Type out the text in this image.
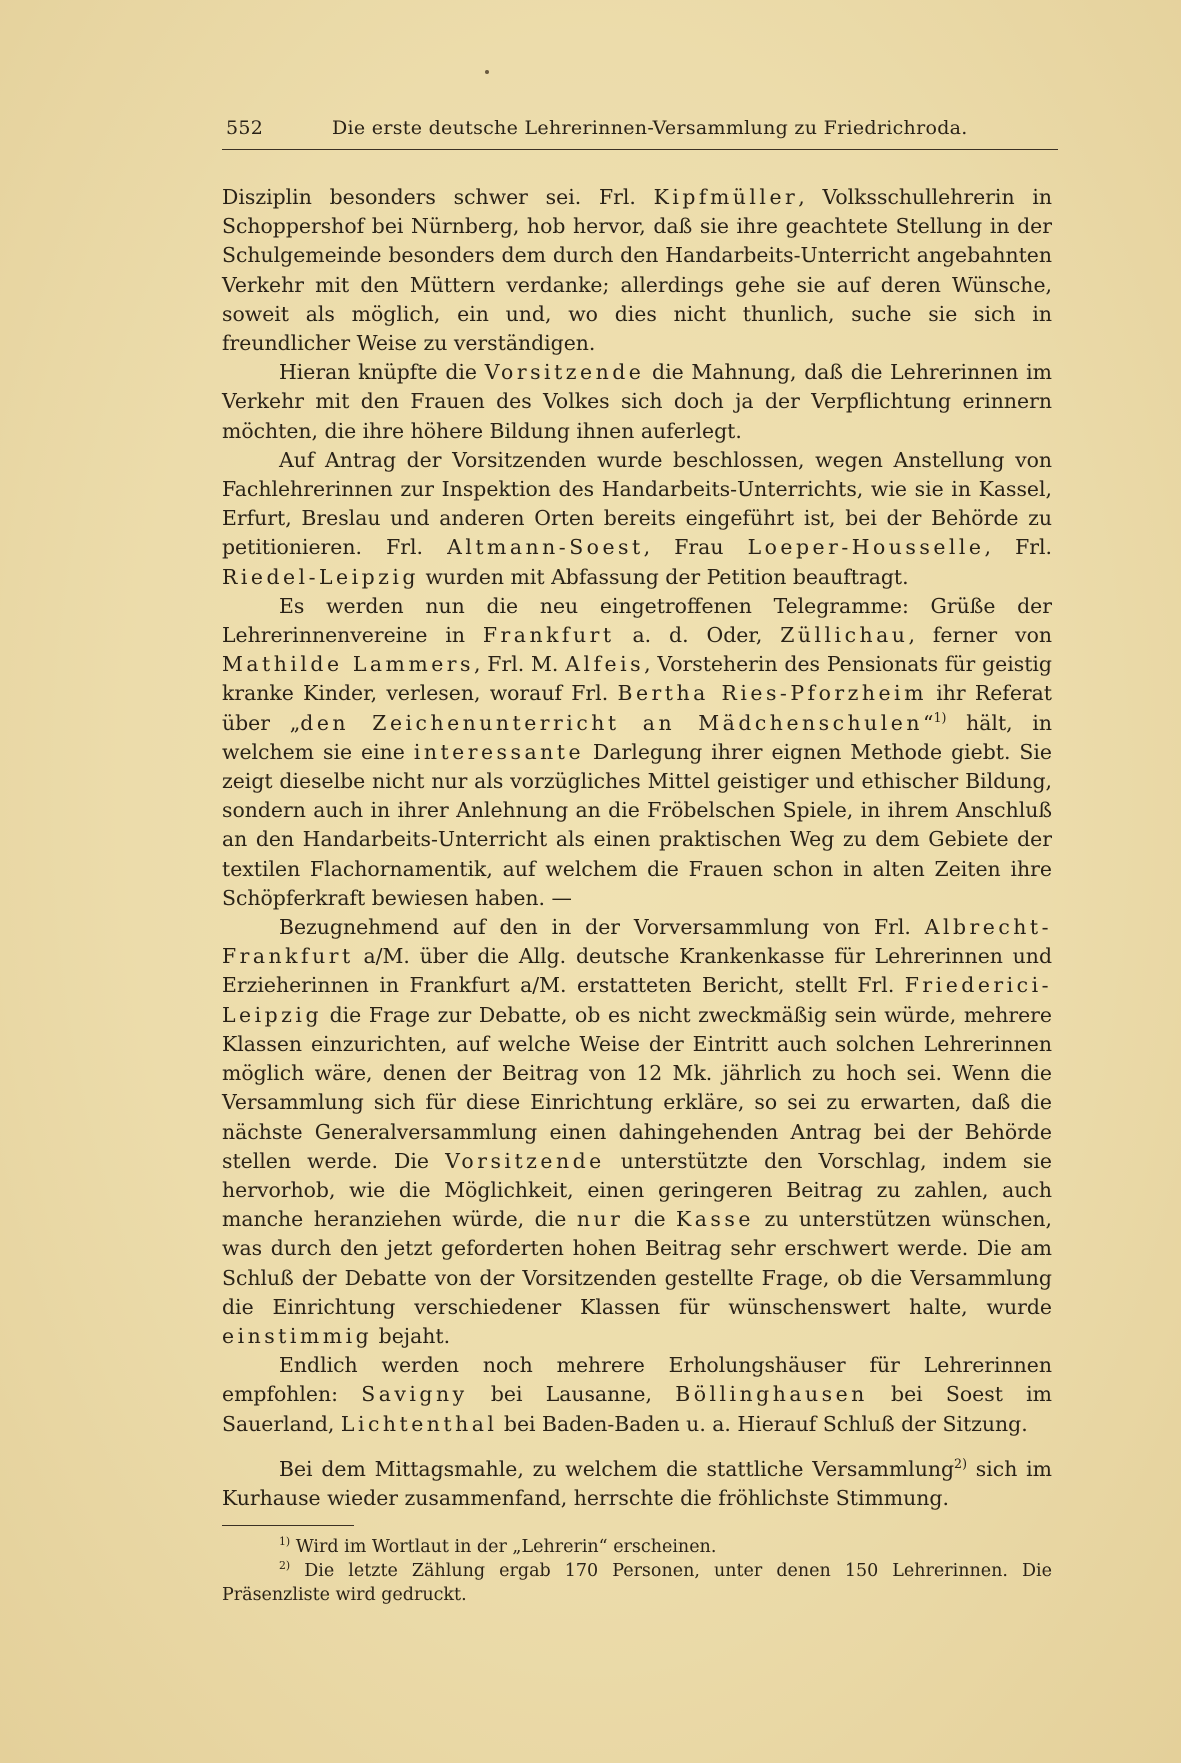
552	Die erste deutsche Lehrerinnen-Versammlung zu Friedrichroda.

Disziplin besonders schwer sei. Frl. Kipfmüller, Volksschullehrerin in Schoppershof bei Nürnberg, hob hervor, daß sie ihre geachtete Stellung in der Schulgemeinde besonders dem durch den Handarbeits-Unterricht angebahnten Verkehr mit den Müttern verdanke; allerdings gehe sie auf deren Wünsche, soweit als möglich, ein und, wo dies nicht thunlich, suche sie sich in freundlicher Weise zu verständigen.

Hieran knüpfte die Vorsitzende die Mahnung, daß die Lehrerinnen im Verkehr mit den Frauen des Volkes sich doch ja der Verpflichtung erinnern möchten, die ihre höhere Bildung ihnen auferlegt.

Auf Antrag der Vorsitzenden wurde beschlossen, wegen Anstellung von Fachlehrerinnen zur Inspektion des Handarbeits-Unterrichts, wie sie in Kassel, Erfurt, Breslau und anderen Orten bereits eingeführt ist, bei der Behörde zu petitionieren. Frl. Altmann-Soest, Frau Loeper-Housselle, Frl. Riedel-Leipzig wurden mit Abfassung der Petition beauftragt.

Es werden nun die neu eingetroffenen Telegramme: Grüße der Lehrerinnenvereine in Frankfurt a. d. Oder, Züllichau, ferner von Mathilde Lammers, Frl. M. Alfeis, Vorsteherin des Pensionats für geistig kranke Kinder, verlesen, worauf Frl. Bertha Ries-Pforzheim ihr Referat über „den Zeichenunterricht an Mädchenschulen“$^{1)}$ hält, in welchem sie eine interessante Darlegung ihrer eignen Methode giebt. Sie zeigt dieselbe nicht nur als vorzügliches Mittel geistiger und ethischer Bildung, sondern auch in ihrer Anlehnung an die Fröbelschen Spiele, in ihrem Anschluß an den Handarbeits-Unterricht als einen praktischen Weg zu dem Gebiete der textilen Flachornamentik, auf welchem die Frauen schon in alten Zeiten ihre Schöpferkraft bewiesen haben. —

Bezugnehmend auf den in der Vorversammlung von Frl. Albrecht-Frankfurt a/M. über die Allg. deutsche Krankenkasse für Lehrerinnen und Erzieherinnen in Frankfurt a/M. erstatteten Bericht, stellt Frl. Friederici-Leipzig die Frage zur Debatte, ob es nicht zweckmäßig sein würde, mehrere Klassen einzurichten, auf welche Weise der Eintritt auch solchen Lehrerinnen möglich wäre, denen der Beitrag von 12 Mk. jährlich zu hoch sei. Wenn die Versammlung sich für diese Einrichtung erkläre, so sei zu erwarten, daß die nächste Generalversammlung einen dahingehenden Antrag bei der Behörde stellen werde. Die Vorsitzende unterstützte den Vorschlag, indem sie hervorhob, wie die Möglichkeit, einen geringeren Beitrag zu zahlen, auch manche heranziehen würde, die nur die Kasse zu unterstützen wünschen, was durch den jetzt geforderten hohen Beitrag sehr erschwert werde. Die am Schluß der Debatte von der Vorsitzenden gestellte Frage, ob die Versammlung die Einrichtung verschiedener Klassen für wünschenswert halte, wurde einstimmig bejaht.

Endlich werden noch mehrere Erholungshäuser für Lehrerinnen empfohlen: Savigny bei Lausanne, Böllinghausen bei Soest im Sauerland, Lichtenthal bei Baden-Baden u. a. Hierauf Schluß der Sitzung.

Bei dem Mittagsmahle, zu welchem die stattliche Versammlung$^{2)}$ sich im Kurhause wieder zusammenfand, herrschte die fröhlichste Stimmung.

$^{1)}$ Wird im Wortlaut in der „Lehrerin“ erscheinen.

$^{2)}$ Die letzte Zählung ergab 170 Personen, unter denen 150 Lehrerinnen. Die Präsenzliste wird gedruckt.
